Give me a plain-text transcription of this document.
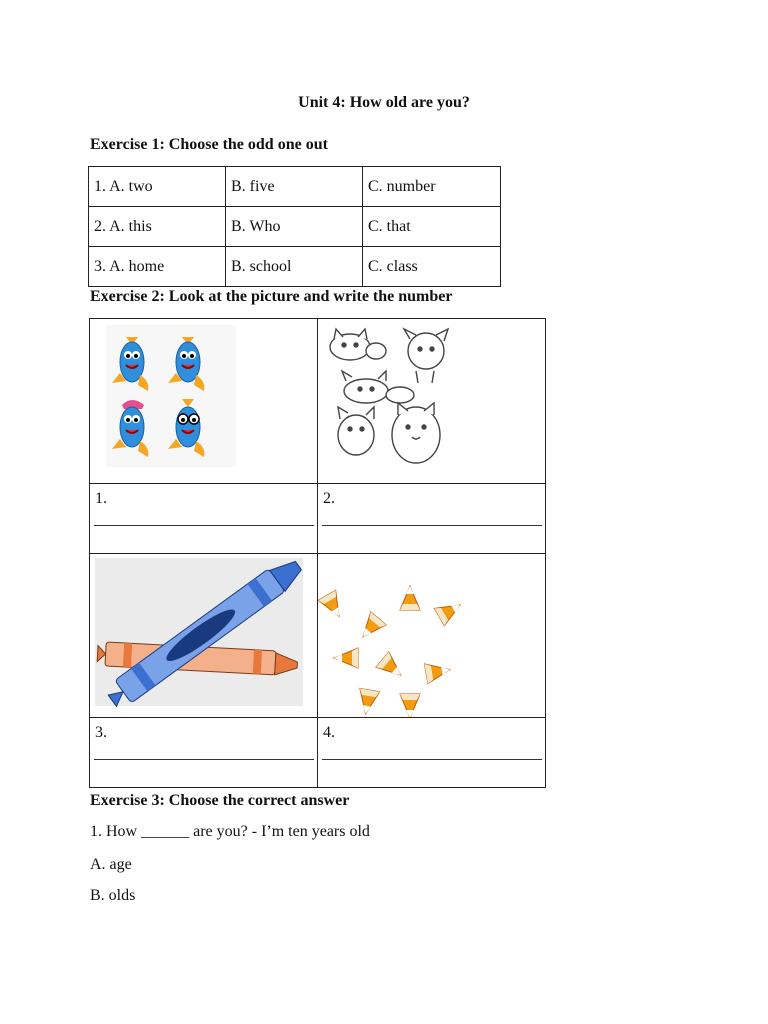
Unit 4: How old are you?
Exercise 1: Choose the odd one out
1. A. two	B. five	C. number
2. A. this	B. Who	C. that
3. A. home	B. school	C. class
Exercise 2: Look at the picture and write the number

1.	2.

3.	4.
Exercise 3: Choose the correct answer
1. How ______ are you? - I’m ten years old
A. age
B. olds
